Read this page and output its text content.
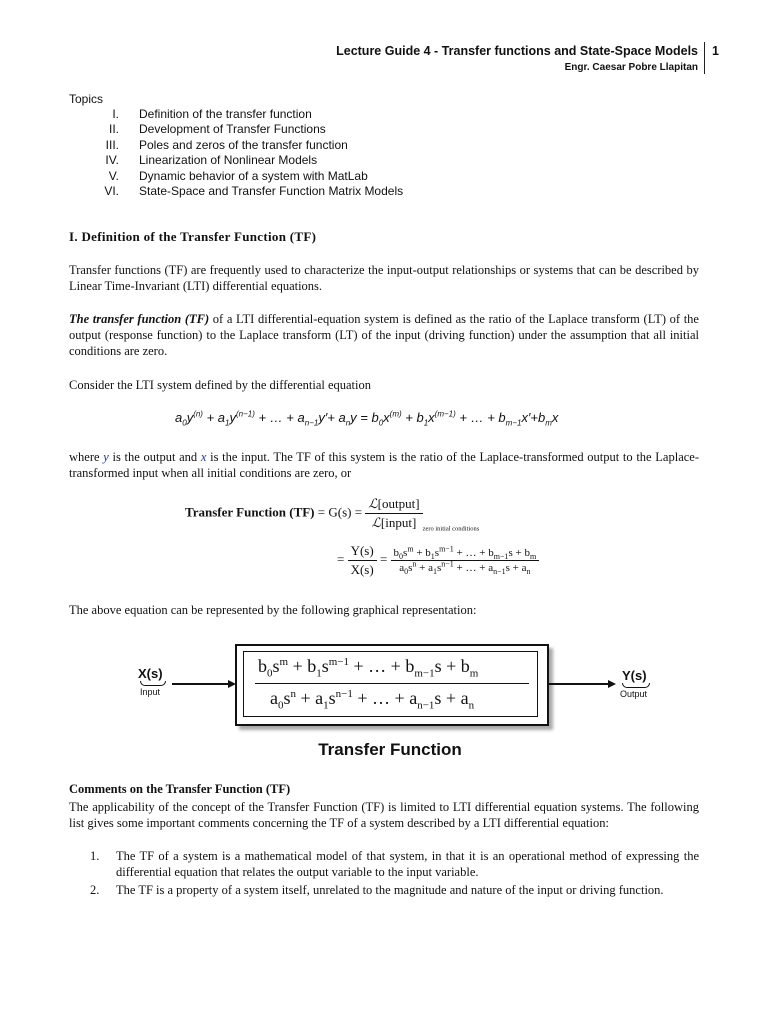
Lecture Guide 4 - Transfer functions and State-Space Models
Engr. Caesar Pobre Llapitan
1
Topics
I. Definition of the transfer function
II. Development of Transfer Functions
III. Poles and zeros of the transfer function
IV. Linearization of Nonlinear Models
V. Dynamic behavior of a system with MatLab
VI. State-Space and Transfer Function Matrix Models
I. Definition of the Transfer Function (TF)
Transfer functions (TF) are frequently used to characterize the input-output relationships or systems that can be described by Linear Time-Invariant (LTI) differential equations.
The transfer function (TF) of a LTI differential-equation system is defined as the ratio of the Laplace transform (LT) of the output (response function) to the Laplace transform (LT) of the input (driving function) under the assumption that all initial conditions are zero.
Consider the LTI system defined by the differential equation
$a_0y^{(n)} + a_1y^{(n-1)}$ + … + $a_{n-1}y'+ a_ny = b_0x^{(m)} + b_1x^{(m-1)}$ + … + $b_{m-1}x'+b_mx$
where y is the output and x is the input. The TF of this system is the ratio of the Laplace-transformed output to the Laplace-transformed input when all initial conditions are zero, or
Transfer Function $(TF) = G(s) = \frac{\text{ℒ[output]}}{\text{ℒ[input]}} _{zero initial conditions}$
= $\frac{Y(s)}{X(s)} = \frac{b_0s^m + b_1s^{m-1} + \dots + b_{m-1}s + b_m}{a_0s^n + a_1s^{n-1} + \dots + a_{n-1}s + a_n}$
The above equation can be represented by the following graphical representation:
X(s)
Input
$b_0s^m + b_1s^{m-1}$ + … + $b_{m-1}s + b_m$
$a_0s^n + a_1s^{n-1}$ + … + $a_{n-1}s + a_n$
Y(s)
Output
Transfer Function
Comments on the Transfer Function (TF)
The applicability of the concept of the Transfer Function (TF) is limited to LTI differential equation systems. The following list gives some important comments concerning the TF of a system described by a LTI differential equation:
1. The TF of a system is a mathematical model of that system, in that it is an operational method of expressing the differential equation that relates the output variable to the input variable.
2. The TF is a property of a system itself, unrelated to the magnitude and nature of the input or driving function.
